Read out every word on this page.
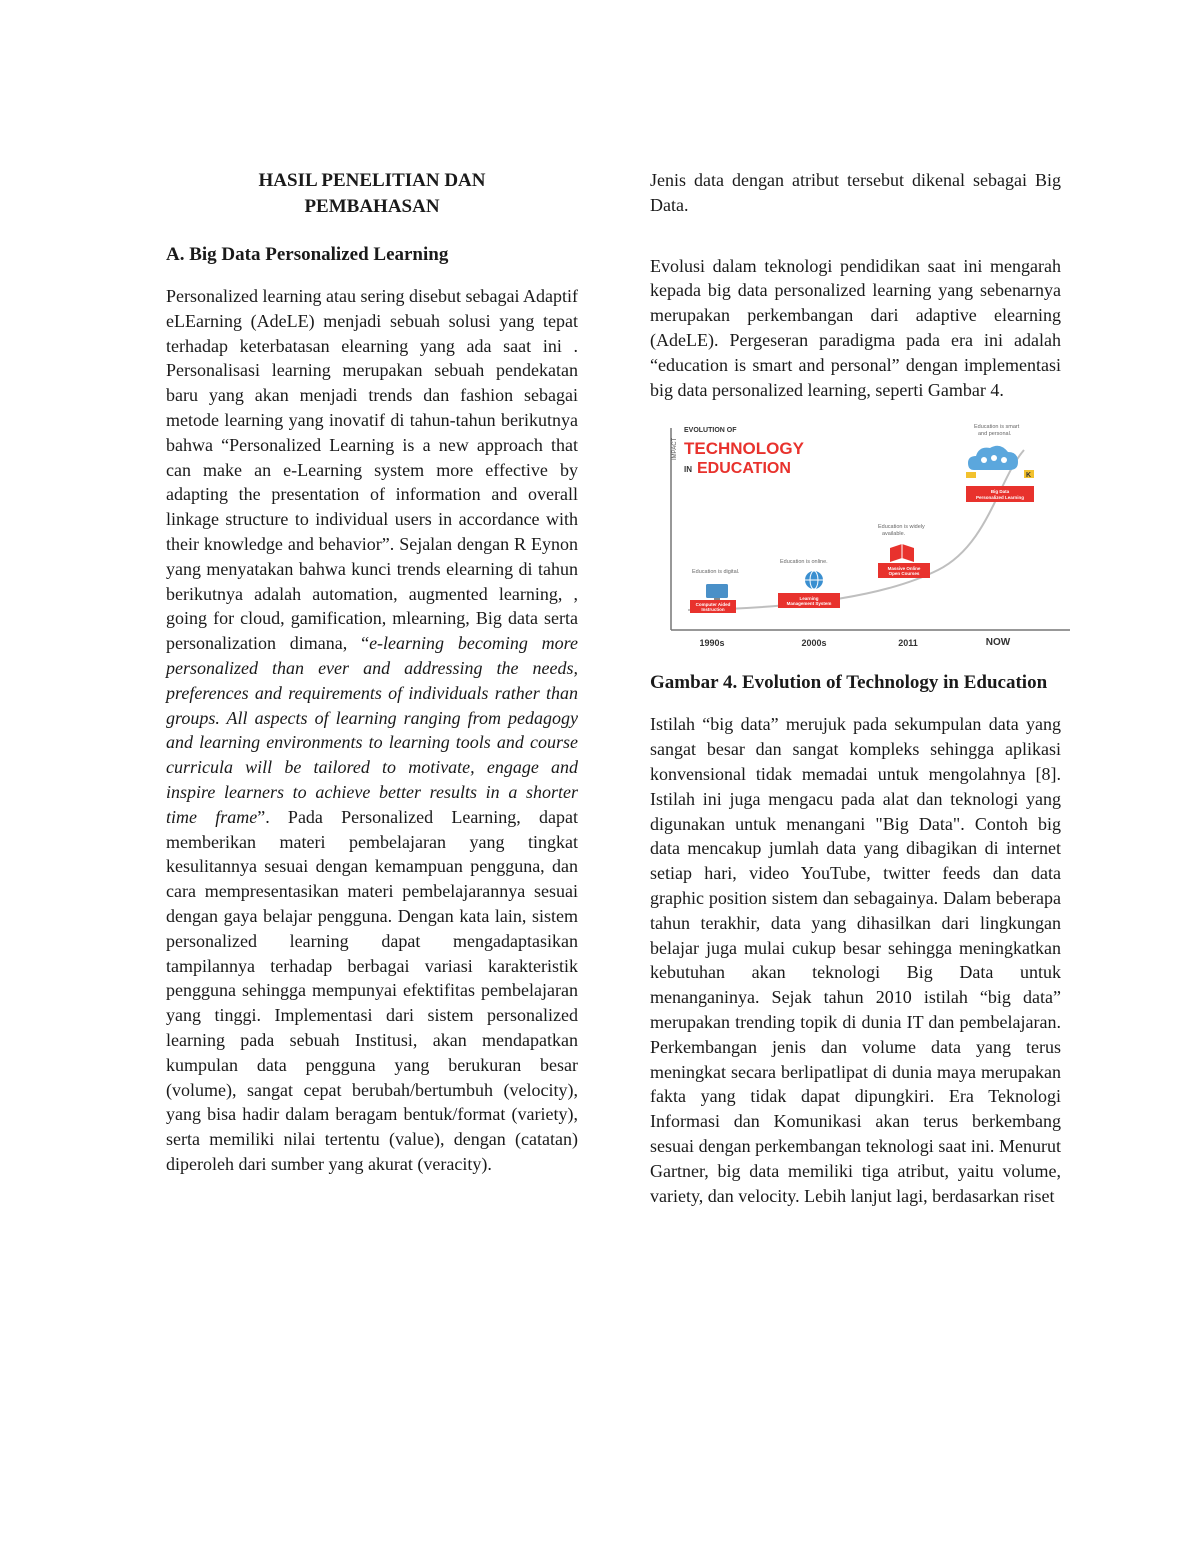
HASIL PENELITIAN DAN
PEMBAHASAN

A. Big Data Personalized Learning

Personalized learning atau sering disebut sebagai Adaptif eLEarning (AdeLE) menjadi sebuah solusi yang tepat terhadap keterbatasan elearning yang ada saat ini . Personalisasi learning merupakan sebuah pendekatan baru yang akan menjadi trends dan fashion sebagai metode learning yang inovatif di tahun-tahun berikutnya bahwa “Personalized Learning is a new approach that can make an e-Learning system more effective by adapting the presentation of information and overall linkage structure to individual users in accordance with their knowledge and behavior”. Sejalan dengan R Eynon yang menyatakan bahwa kunci trends elearning di tahun berikutnya adalah automation, augmented learning, , going for cloud, gamification, mlearning, Big data serta personalization dimana, “e-learning becoming more personalized than ever and addressing the needs, preferences and requirements of individuals rather than groups. All aspects of learning ranging from pedagogy and learning environments to learning tools and course curricula will be tailored to motivate, engage and inspire learners to achieve better results in a shorter time frame”. Pada Personalized Learning, dapat memberikan materi pembelajaran yang tingkat kesulitannya sesuai dengan kemampuan pengguna, dan cara mempresentasikan materi pembelajarannya sesuai dengan gaya belajar pengguna. Dengan kata lain, sistem personalized learning dapat mengadaptasikan tampilannya terhadap berbagai variasi karakteristik pengguna sehingga mempunyai efektifitas pembelajaran yang tinggi. Implementasi dari sistem personalized learning pada sebuah Institusi, akan mendapatkan kumpulan data pengguna yang berukuran besar (volume), sangat cepat berubah/bertumbuh (velocity), yang bisa hadir dalam beragam bentuk/format (variety), serta memiliki nilai tertentu (value), dengan (catatan) diperoleh dari sumber yang akurat (veracity).

Jenis data dengan atribut tersebut dikenal sebagai Big Data.

Evolusi dalam teknologi pendidikan saat ini mengarah kepada big data personalized learning yang sebenarnya merupakan perkembangan dari adaptive elearning (AdeLE). Pergeseran paradigma pada era ini adalah “education is smart and personal” dengan implementasi big data personalized learning, seperti Gambar 4.

IMPACT
EVOLUTION OF
TECHNOLOGY
IN EDUCATION
Education is digital.
Computer Aided
Instruction
Education is online.
Learning
Management System
Education is widely
available.
Massive Online
Open Courses
Education is smart
and personal.
K
Big Data
Personalized Learning
1990s	2000s	2011	NOW

Gambar 4. Evolution of Technology in Education

Istilah “big data” merujuk pada sekumpulan data yang sangat besar dan sangat kompleks sehingga aplikasi konvensional tidak memadai untuk mengolahnya [8]. Istilah ini juga mengacu pada alat dan teknologi yang digunakan untuk menangani "Big Data". Contoh big data mencakup jumlah data yang dibagikan di internet setiap hari, video YouTube, twitter feeds dan data graphic position sistem dan sebagainya. Dalam beberapa tahun terakhir, data yang dihasilkan dari lingkungan belajar juga mulai cukup besar sehingga meningkatkan kebutuhan akan teknologi Big Data untuk menanganinya. Sejak tahun 2010 istilah “big data” merupakan trending topik di dunia IT dan pembelajaran. Perkembangan jenis dan volume data yang terus meningkat secara berlipatlipat di dunia maya merupakan fakta yang tidak dapat dipungkiri. Era Teknologi Informasi dan Komunikasi akan terus berkembang sesuai dengan perkembangan teknologi saat ini. Menurut Gartner, big data memiliki tiga atribut, yaitu volume, variety, dan velocity. Lebih lanjut lagi, berdasarkan riset
